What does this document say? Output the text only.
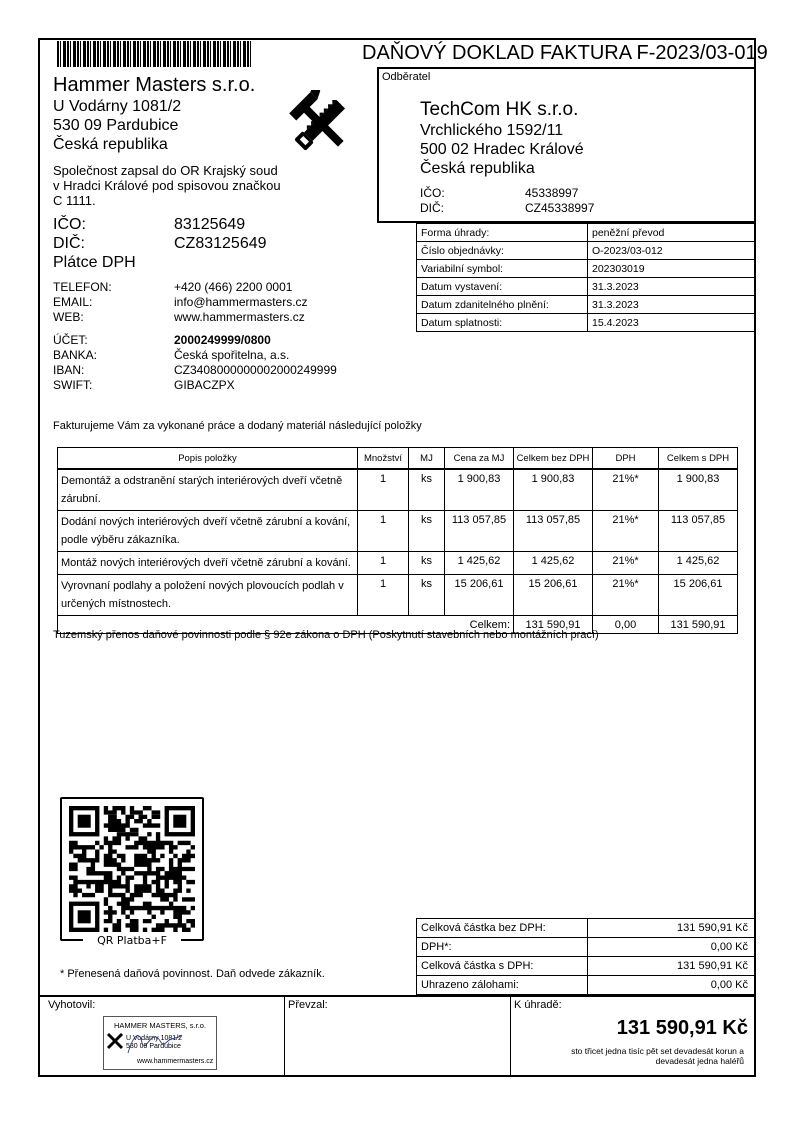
DAŇOVÝ DOKLAD FAKTURA F-2023/03-019
Hammer Masters s.r.o.
U Vodárny 1081/2
530 09 Pardubice
Česká republika
Společnost zapsal do OR Krajský soud v Hradci Králové pod spisovou značkou C 1111.
IČO:	83125649
DIČ:	CZ83125649
Plátce DPH
TELEFON:	+420 (466) 2200 0001
EMAIL:	info@hammermasters.cz
WEB:	www.hammermasters.cz
ÚČET:	2000249999/0800
BANKA:	Česká spořitelna, a.s.
IBAN:	CZ3408000000002000249999
SWIFT:	GIBACZPX
Odběratel
TechCom HK s.r.o.
Vrchlického 1592/11
500 02 Hradec Králové
Česká republika
IČO:	45338997
DIČ:	CZ45338997
Forma úhrady:	peněžní převod
Číslo objednávky:	O-2023/03-012
Variabilní symbol:	202303019
Datum vystavení:	31.3.2023
Datum zdanitelného plnění:	31.3.2023
Datum splatnosti:	15.4.2023
Fakturujeme Vám za vykonané práce a dodaný materiál následující položky
Popis položky	Množství	MJ	Cena za MJ	Celkem bez DPH	DPH	Celkem s DPH
Demontáž a odstranění starých interiérových dveří včetně zárubní.	1	ks	1 900,83	1 900,83	21%*	1 900,83
Dodání nových interiérových dveří včetně zárubní a kování, podle výběru zákazníka.	1	ks	113 057,85	113 057,85	21%*	113 057,85
Montáž nových interiérových dveří včetně zárubní a kování.	1	ks	1 425,62	1 425,62	21%*	1 425,62
Vyrovnaní podlahy a položení nových plovoucích podlah v určených místnostech.	1	ks	15 206,61	15 206,61	21%*	15 206,61
Celkem:				131 590,91	0,00	131 590,91
Tuzemský přenos daňové povinnosti podle § 92e zákona o DPH (Poskytnutí stavebních nebo montážních prací)
QR Platba+F
* Přenesená daňová povinnost. Daň odvede zákazník.
Celková částka bez DPH:	131 590,91 Kč
DPH*:	0,00 Kč
Celková částka s DPH:	131 590,91 Kč
Uhrazeno zálohami:	0,00 Kč
Vyhotovil:	Převzal:	K úhradě:
131 590,91 Kč
sto třicet jedna tisíc pět set devadesát korun a devadesát jedna haléřů
HAMMER MASTERS, s.r.o.
U Vodárny 1081/2
530 09 Pardubice
www.hammermasters.cz
